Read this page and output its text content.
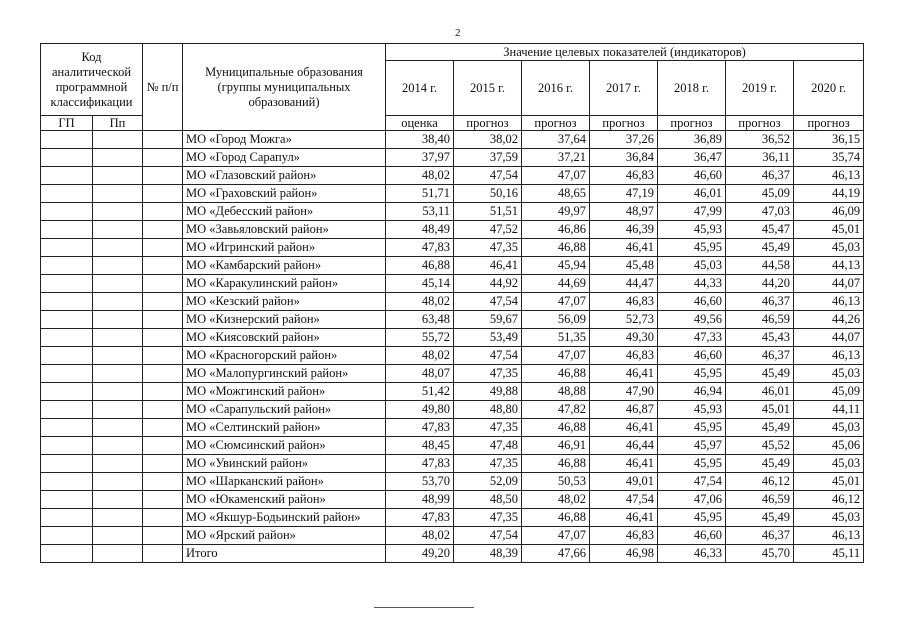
2
Код аналитической программной классификации		№ п/п	Муниципальные образования (группы муниципальных образований)	Значение целевых показателей (индикаторов)						
				2014 г.	2015 г.	2016 г.	2017 г.	2018 г.	2019 г.	2020 г.
ГП	Пп			оценка	прогноз	прогноз	прогноз	прогноз	прогноз	прогноз
			МО «Город Можга»	38,40	38,02	37,64	37,26	36,89	36,52	36,15
			МО «Город Сарапул»	37,97	37,59	37,21	36,84	36,47	36,11	35,74
			МО «Глазовский район»	48,02	47,54	47,07	46,83	46,60	46,37	46,13
			МО «Граховский район»	51,71	50,16	48,65	47,19	46,01	45,09	44,19
			МО «Дебесский район»	53,11	51,51	49,97	48,97	47,99	47,03	46,09
			МО «Завьяловский район»	48,49	47,52	46,86	46,39	45,93	45,47	45,01
			МО «Игринский район»	47,83	47,35	46,88	46,41	45,95	45,49	45,03
			МО «Камбарский район»	46,88	46,41	45,94	45,48	45,03	44,58	44,13
			МО «Каракулинский район»	45,14	44,92	44,69	44,47	44,33	44,20	44,07
			МО «Кезский район»	48,02	47,54	47,07	46,83	46,60	46,37	46,13
			МО «Кизнерский район»	63,48	59,67	56,09	52,73	49,56	46,59	44,26
			МО «Киясовский район»	55,72	53,49	51,35	49,30	47,33	45,43	44,07
			МО «Красногорский район»	48,02	47,54	47,07	46,83	46,60	46,37	46,13
			МО «Малопургинский район»	48,07	47,35	46,88	46,41	45,95	45,49	45,03
			МО «Можгинский район»	51,42	49,88	48,88	47,90	46,94	46,01	45,09
			МО «Сарапульский район»	49,80	48,80	47,82	46,87	45,93	45,01	44,11
			МО «Селтинский район»	47,83	47,35	46,88	46,41	45,95	45,49	45,03
			МО «Сюмсинский район»	48,45	47,48	46,91	46,44	45,97	45,52	45,06
			МО «Увинский район»	47,83	47,35	46,88	46,41	45,95	45,49	45,03
			МО «Шарканский район»	53,70	52,09	50,53	49,01	47,54	46,12	45,01
			МО «Юкаменский район»	48,99	48,50	48,02	47,54	47,06	46,59	46,12
			МО «Якшур-Бодьинский район»	47,83	47,35	46,88	46,41	45,95	45,49	45,03
			МО «Ярский район»	48,02	47,54	47,07	46,83	46,60	46,37	46,13
			Итого	49,20	48,39	47,66	46,98	46,33	45,70	45,11
